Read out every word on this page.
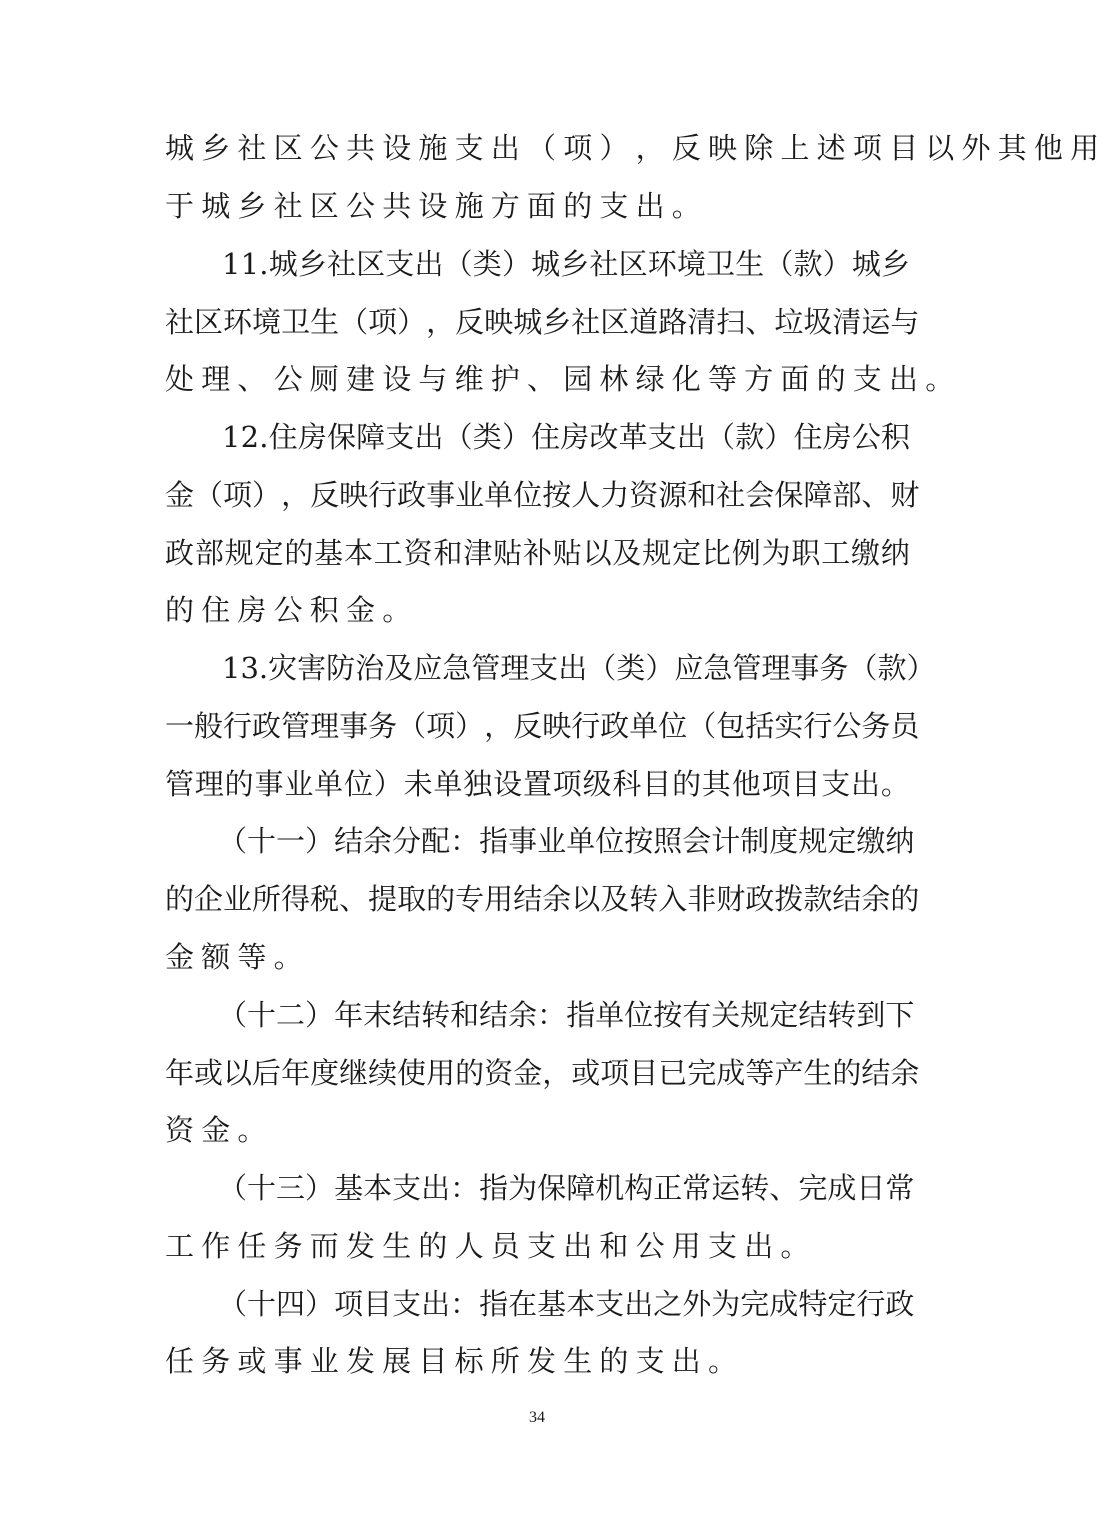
城 乡 社 区 公 共 设 施 支 出 （ 项 ） ， 反 映 除 上 述 项 目 以 外 其 他 用
于城乡社区公共设施方面的支出。
1 1 . 城 乡 社 区 支 出 （ 类 ） 城 乡 社 区 环 境 卫 生 （ 款 ） 城 乡
社 区 环 境 卫 生 （ 项 ） ， 反 映 城 乡 社 区 道 路 清 扫 、 垃 圾 清 运 与
处理、公厕建设与维护、园林绿化等方面的支出。
1 2 . 住 房 保 障 支 出 （ 类 ） 住 房 改 革 支 出 （ 款 ） 住 房 公 积
金 （ 项 ） ， 反 映 行 政 事 业 单 位 按 人 力 资 源 和 社 会 保 障 部 、 财
政 部 规 定 的 基 本 工 资 和 津 贴 补 贴 以 及 规 定 比 例 为 职 工 缴 纳
的住房公积金。
1 3 . 灾 害 防 治 及 应 急 管 理 支 出 （ 类 ） 应 急 管 理 事 务 （ 款 ）
一 般 行 政 管 理 事 务 （ 项 ） ， 反 映 行 政 单 位 （ 包 括 实 行 公 务 员
管 理 的 事 业 单 位 ） 未 单 独 设 置 项 级 科 目 的 其 他 项 目 支 出 。
（ 十 一 ） 结 余 分 配 ： 指 事 业 单 位 按 照 会 计 制 度 规 定 缴 纳
的 企 业 所 得 税 、 提 取 的 专 用 结 余 以 及 转 入 非 财 政 拨 款 结 余 的
金额等。
（ 十 二 ） 年 末 结 转 和 结 余 ： 指 单 位 按 有 关 规 定 结 转 到 下
年 或 以 后 年 度 继 续 使 用 的 资 金 ， 或 项 目 已 完 成 等 产 生 的 结 余
资金。
（ 十 三 ） 基 本 支 出 ： 指 为 保 障 机 构 正 常 运 转 、 完 成 日 常
工作任务而发生的人员支出和公用支出。
（ 十 四 ） 项 目 支 出 ： 指 在 基 本 支 出 之 外 为 完 成 特 定 行 政
任务或事业发展目标所发生的支出。
34
